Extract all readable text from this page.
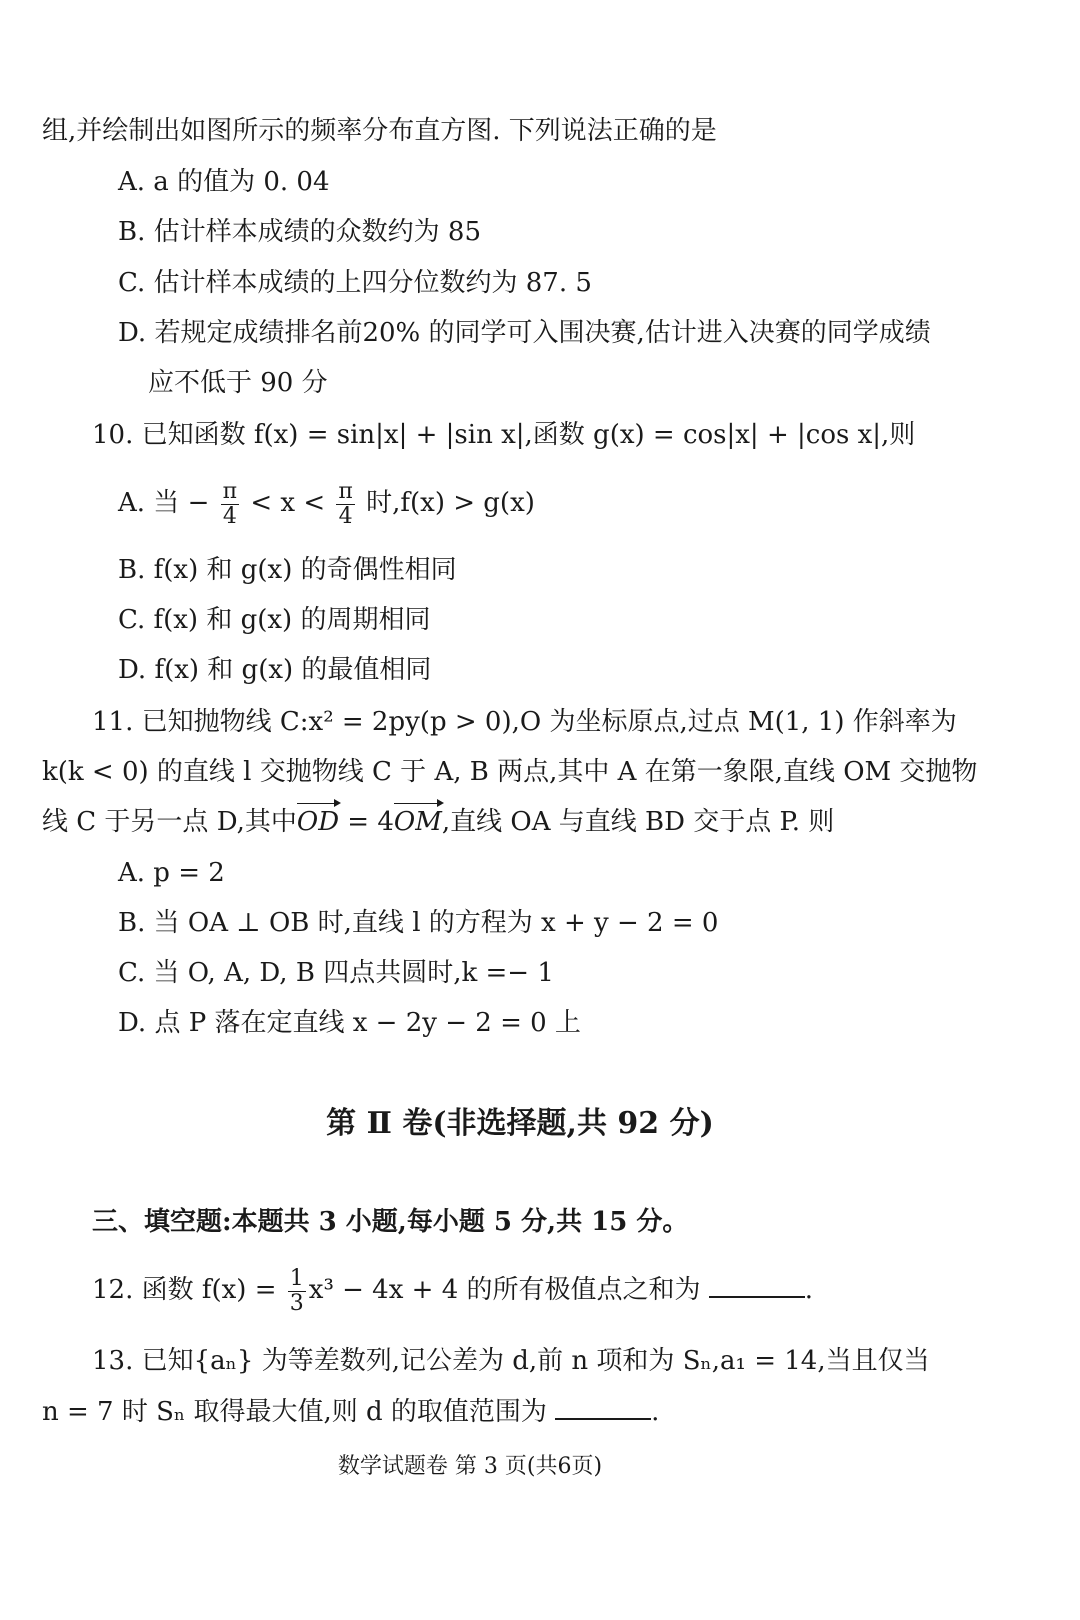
组,并绘制出如图所示的频率分布直方图. 下列说法正确的是
A. a 的值为 0. 04
B. 估计样本成绩的众数约为 85
C. 估计样本成绩的上四分位数约为 87. 5
D. 若规定成绩排名前20% 的同学可入围决赛,估计进入决赛的同学成绩
应不低于 90 分
10. 已知函数 f(x) = sin|x| + |sin x|,函数 g(x) = cos|x| + |cos x|,则
A. 当 − $\frac{\pi}{4} < x < \frac{\pi}{4}$ 时,f(x) > g(x)
B. f(x) 和 g(x) 的奇偶性相同
C. f(x) 和 g(x) 的周期相同
D. f(x) 和 g(x) 的最值相同
11. 已知抛物线 C:x² = 2py(p > 0),O 为坐标原点,过点 M(1, 1) 作斜率为
k(k < 0) 的直线 l 交抛物线 C 于 A, B 两点,其中 A 在第一象限,直线 OM 交抛物
线 C 于另一点 D,其中OD = 4OM,直线 OA 与直线 BD 交于点 P. 则
A. p = 2
B. 当 OA ⊥ OB 时,直线 l 的方程为 x + y − 2 = 0
C. 当 O, A, D, B 四点共圆时,k =− 1
D. 点 P 落在定直线 x − 2y − 2 = 0 上
第 Ⅱ 卷(非选择题,共 92 分)
三、填空题:本题共 3 小题,每小题 5 分,共 15 分。
12. 函数 $f(x) = \frac{1}{3} x^3 - 4x + 4$ 的所有极值点之和为	.
13. 已知{aₙ} 为等差数列,记公差为 d,前 n 项和为 Sₙ,a₁ = 14,当且仅当
n = 7 时 Sₙ 取得最大值,则 d 的取值范围为	.
数学试题卷 第 3 页(共6页)
